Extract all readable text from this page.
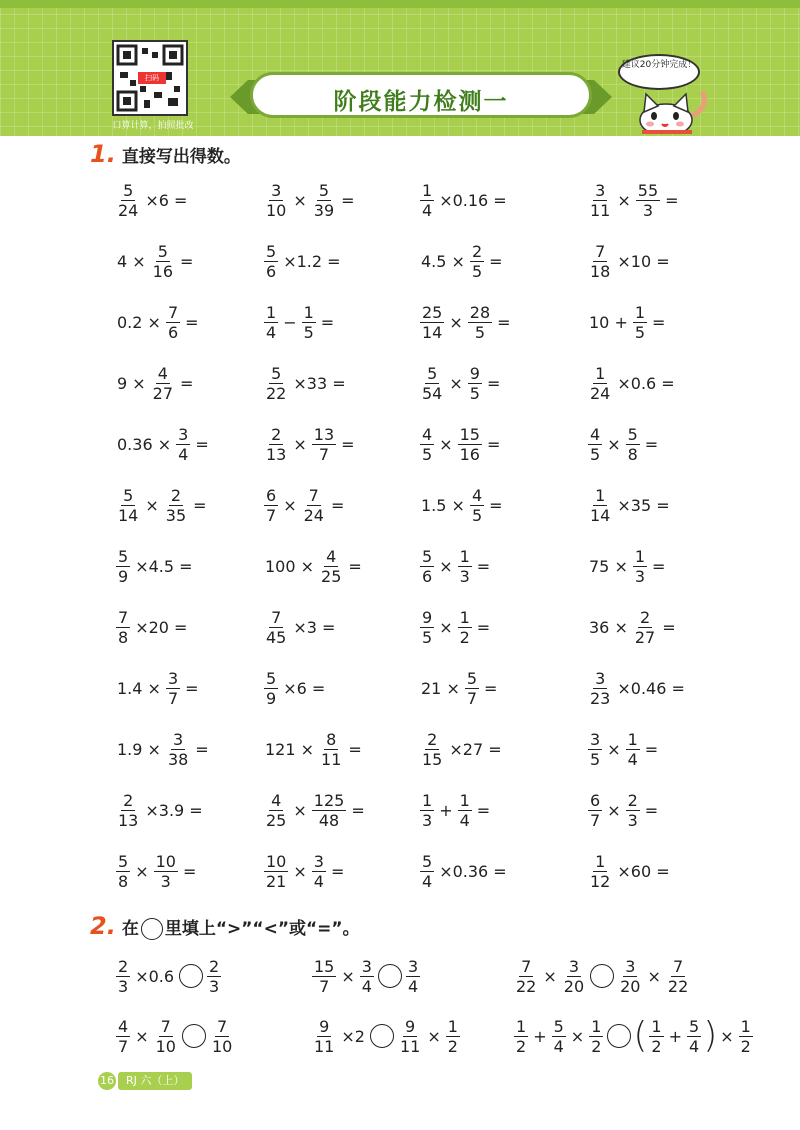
扫码
口算计算，拍照批改
阶段能力检测一
建议20分钟完成！
1. 直接写出得数。
$\frac{5}{24} \times 6$ =	$\frac{3}{10} \times \frac{5}{39}$ =	$\frac{1}{4} \times 0.16$ =	$\frac{3}{11} \times \frac{55}{3}$ =
$4 \times \frac{5}{16}$ =	$\frac{5}{6} \times 1.2$ =	$4.5 \times \frac{2}{5}$ =	$\frac{7}{18} \times 10$ =
$0.2 \times \frac{7}{6}$ =	$\frac{1}{4} - \frac{1}{5}$ =	$\frac{25}{14} \times \frac{28}{5}$ =	$10 + \frac{1}{5}$ =
$9 \times \frac{4}{27}$ =	$\frac{5}{22} \times 33$ =	$\frac{5}{54} \times \frac{9}{5}$ =	$\frac{1}{24} \times 0.6$ =
$0.36 \times \frac{3}{4}$ =	$\frac{2}{13} \times \frac{13}{7}$ =	$\frac{4}{5} \times \frac{15}{16}$ =	$\frac{4}{5} \times \frac{5}{8}$ =
$\frac{5}{14} \times \frac{2}{35}$ =	$\frac{6}{7} \times \frac{7}{24}$ =	$1.5 \times \frac{4}{5}$ =	$\frac{1}{14} \times 35$ =
$\frac{5}{9} \times 4.5$ =	$100 \times \frac{4}{25}$ =	$\frac{5}{6} \times \frac{1}{3}$ =	$75 \times \frac{1}{3}$ =
$\frac{7}{8} \times 20$ =	$\frac{7}{45} \times 3$ =	$\frac{9}{5} \times \frac{1}{2}$ =	$36 \times \frac{2}{27}$ =
$1.4 \times \frac{3}{7}$ =	$\frac{5}{9} \times 6$ =	$21 \times \frac{5}{7}$ =	$\frac{3}{23} \times 0.46$ =
$1.9 \times \frac{3}{38}$ =	$121 \times \frac{8}{11}$ =	$\frac{2}{15} \times 27$ =	$\frac{3}{5} \times \frac{1}{4}$ =
$\frac{2}{13} \times 3.9$ =	$\frac{4}{25} \times \frac{125}{48}$ =	$\frac{1}{3} + \frac{1}{4}$ =	$\frac{6}{7} \times \frac{2}{3}$ =
$\frac{5}{8} \times \frac{10}{3}$ =	$\frac{10}{21} \times \frac{3}{4}$ =	$\frac{5}{4} \times 0.36$ =	$\frac{1}{12} \times 60$ =
2. 在 里填上“>”“<”或“=”。
$\frac{2}{3} \times 0.6 \frac{2}{3}$	$\frac{15}{7} \times \frac{3}{4} \frac{3}{4}$	$\frac{7}{22} \times \frac{3}{20} \frac{3}{20} \times \frac{7}{22}$
$\frac{4}{7} \times \frac{7}{10} \frac{7}{10}$	$\frac{9}{11} \times 2 \frac{9}{11} \times \frac{1}{2}$	$\frac{1}{2} + \frac{5}{4} \times \frac{1}{2}$ ( $\frac{1}{2} + \frac{5}{4}$ ) × $\frac{1}{2}$
16	RJ 六（上）
